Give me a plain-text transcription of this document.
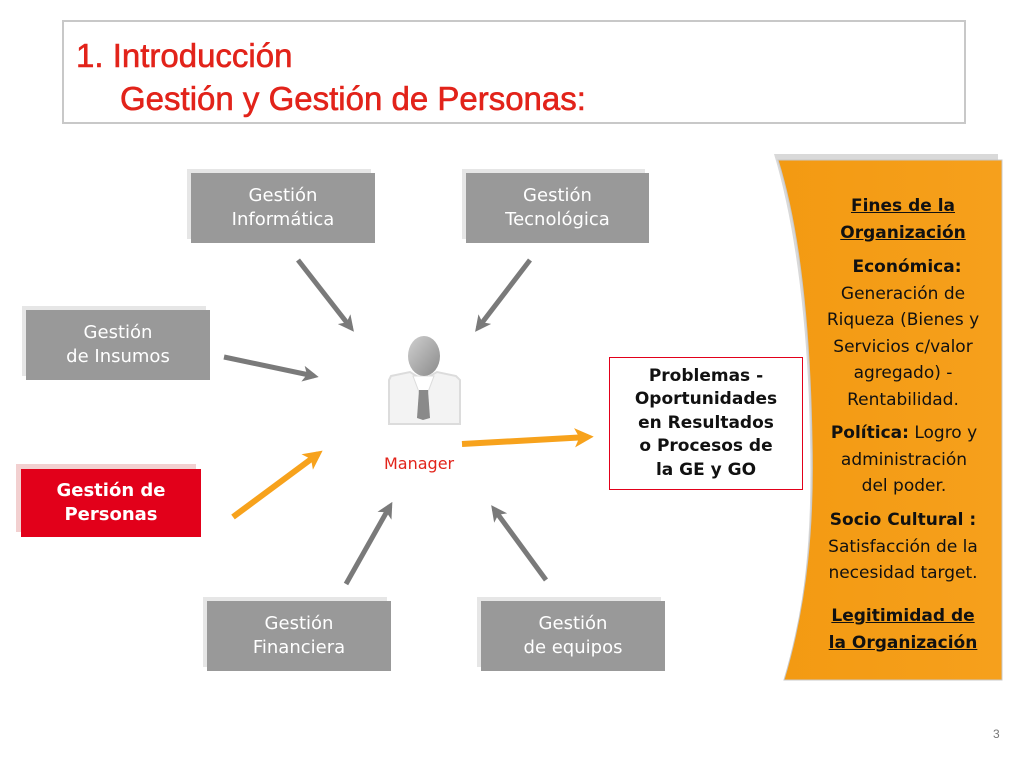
1. Introducción
Gestión y Gestión de Personas:
Gestión
Informática
Gestión
Tecnológica
Gestión
de Insumos
Gestión de
Personas
Gestión
Financiera
Gestión
de equipos
Manager
Problemas -
Oportunidades
en Resultados
o Procesos de
la GE y GO
Fines de la
Organización
Económica:
Generación de
Riqueza (Bienes y
Servicios c/valor
agregado) -
Rentabilidad.
Política: Logro y
administración
del poder.
Socio Cultural :
Satisfacción de la
necesidad target.
Legitimidad de
la Organización
3
